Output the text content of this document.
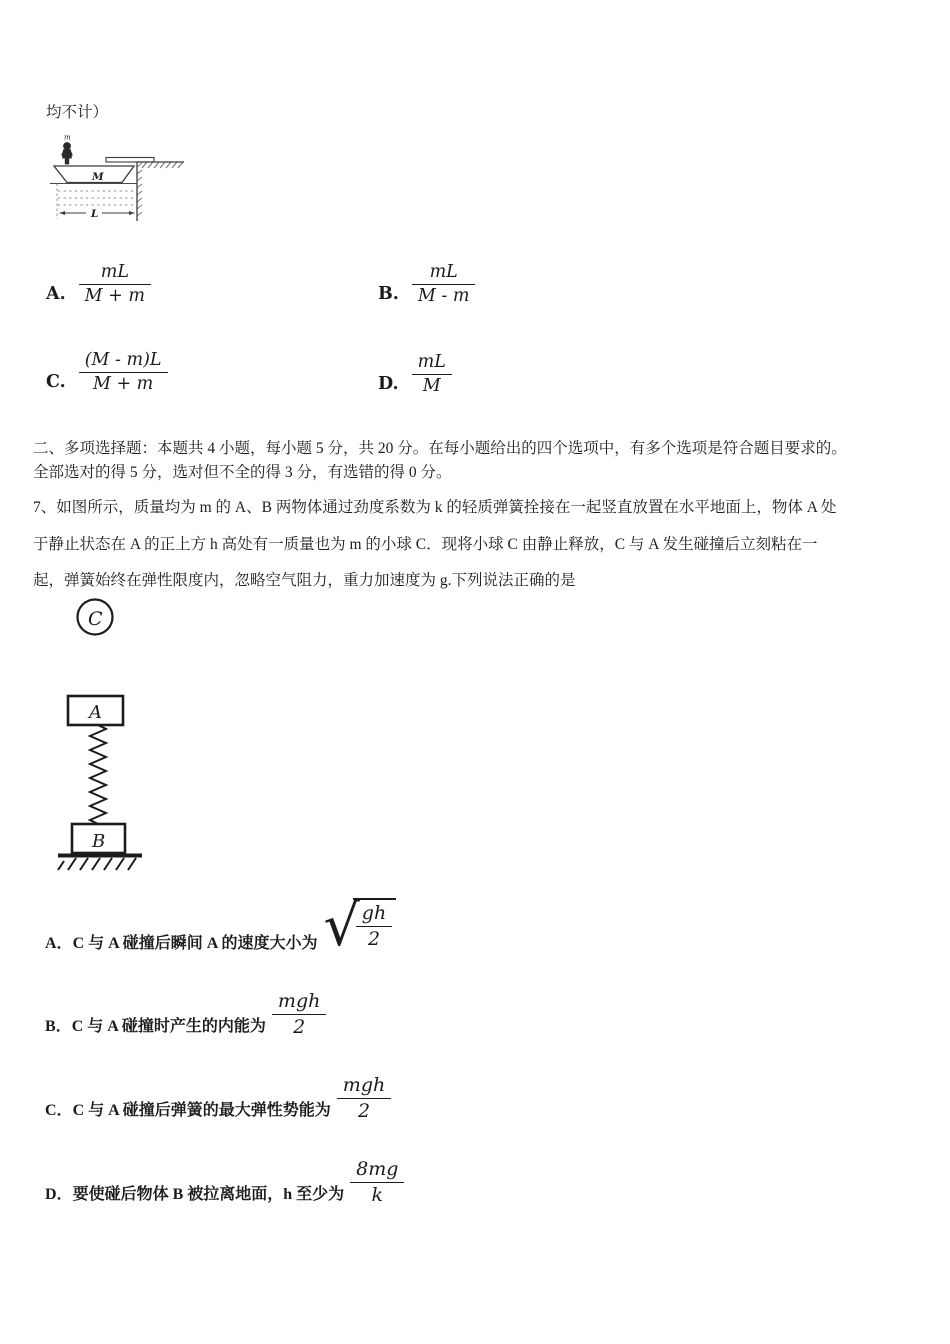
均不计）
m
M
L
A. $\frac{mL}{M + m}$	B. $\frac{mL}{M - m}$
C. $\frac{(M - m)L}{M + m}$	D. $\frac{mL}{M}$
二、多项选择题：本题共 4 小题，每小题 5 分，共 20 分。在每小题给出的四个选项中，有多个选项是符合题目要求的。
全部选对的得 5 分，选对但不全的得 3 分，有选错的得 0 分。
7、如图所示，质量均为 m 的 A、B 两物体通过劲度系数为 k 的轻质弹簧拴接在一起竖直放置在水平地面上，物体 A 处
于静止状态在 A 的正上方 h 高处有一质量也为 m 的小球 C．现将小球 C 由静止释放，C 与 A 发生碰撞后立刻粘在一
起，弹簧始终在弹性限度内，忽略空气阻力，重力加速度为 g.下列说法正确的是
C
A
B
A． C 与 A 碰撞后瞬间 A 的速度大小为 √
$\frac{gh}{2}$
B． C 与 A 碰撞时产生的内能为 $\frac{\text{mgh}}{2}$
C． C 与 A 碰撞后弹簧的最大弹性势能为 $\frac{\text{mgh}}{2}$
D． 要使碰后物体 B 被拉离地面，h 至少为 $\frac{8mg}{k}$
